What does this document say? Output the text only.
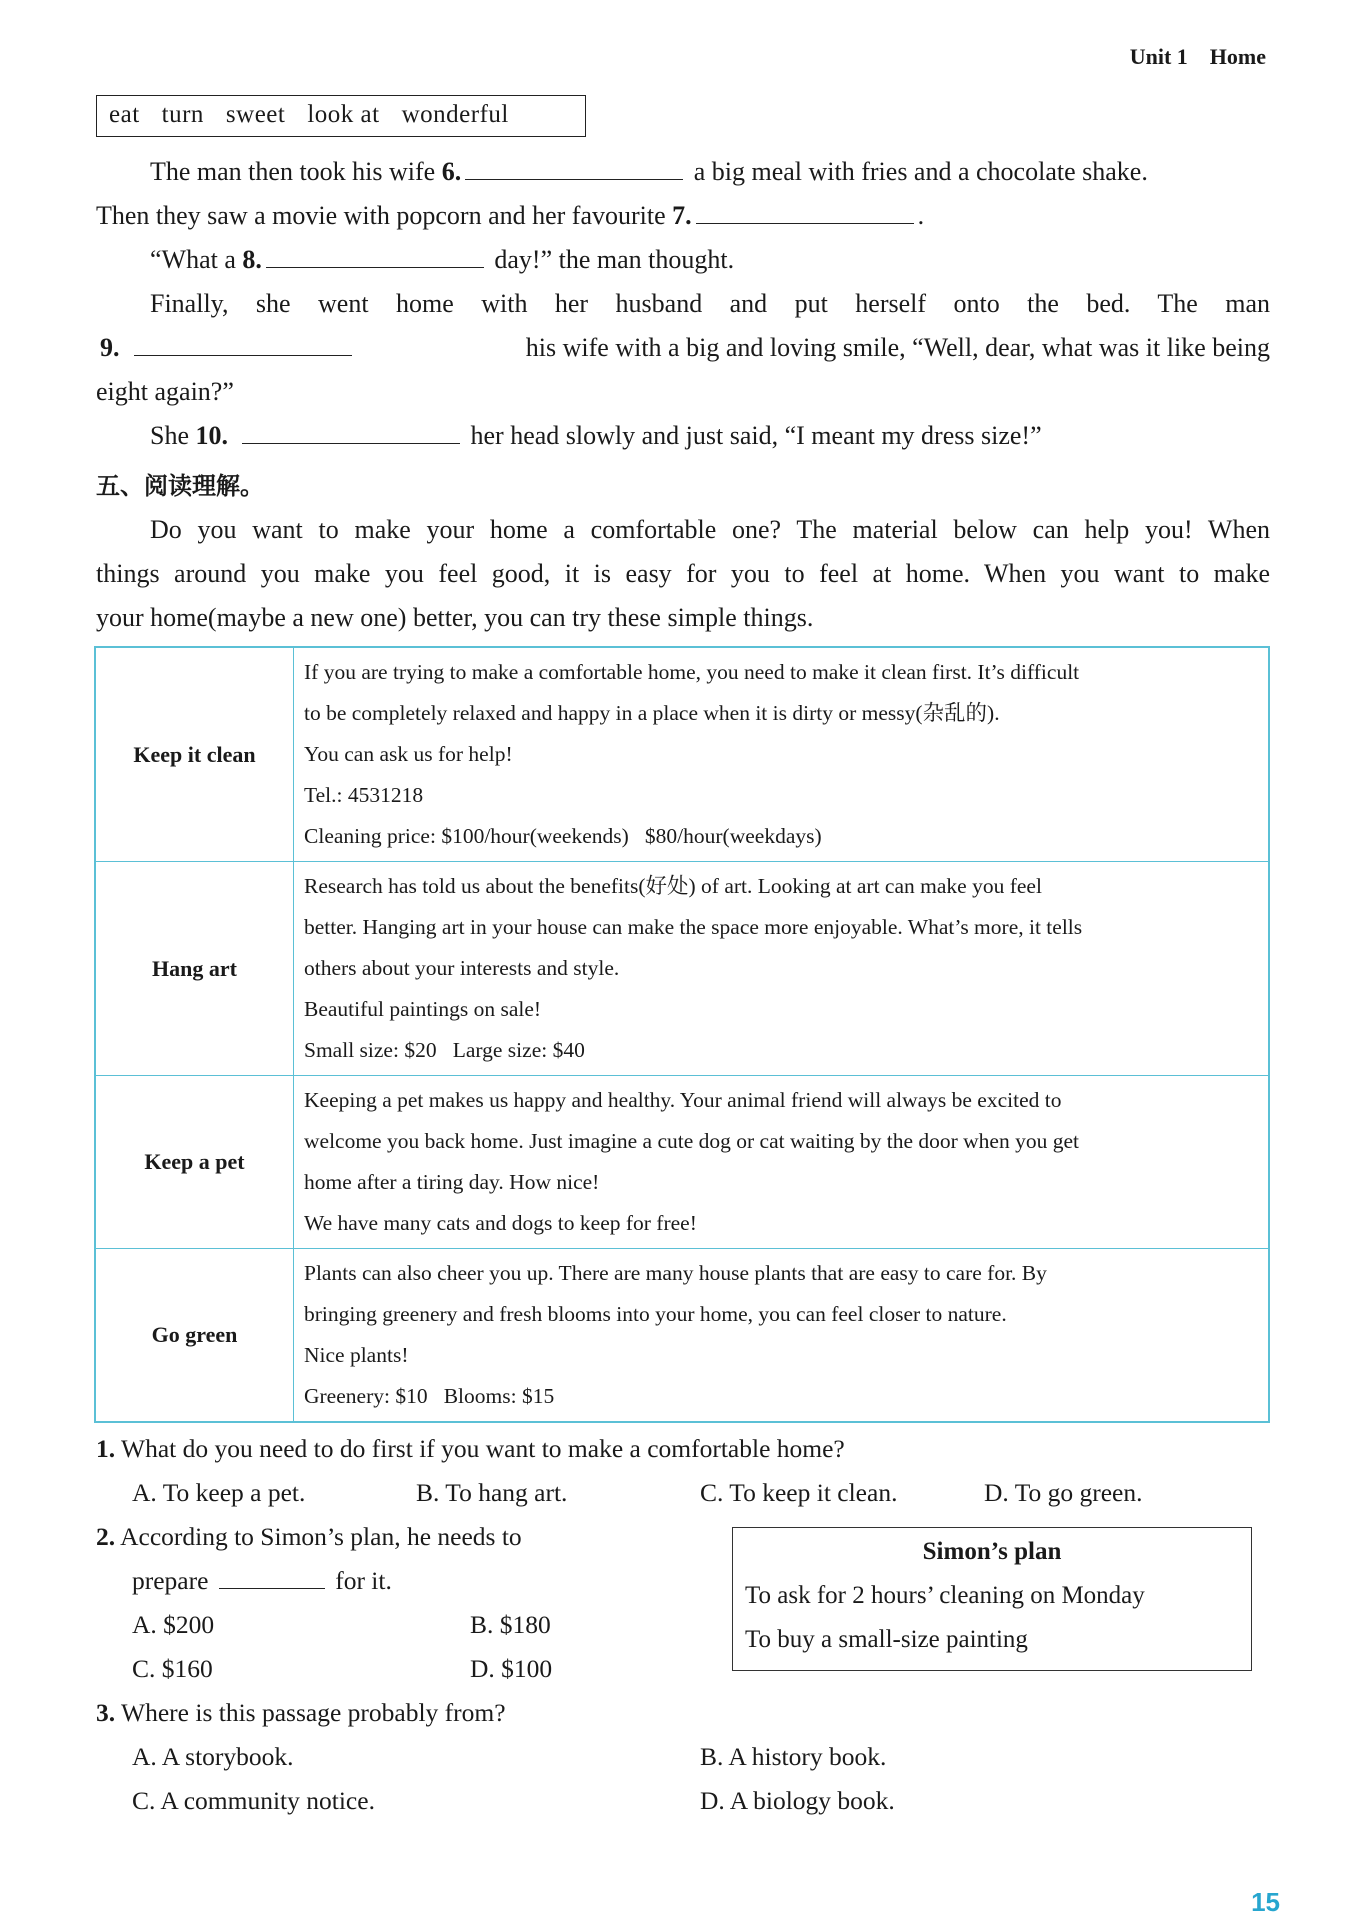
Unit 1 Home
eat turn sweet look at wonderful
The man then took his wife 6.	a big meal with fries and a chocolate shake.
Then they saw a movie with popcorn and her favourite 7.	.
“What a 8.	day!” the man thought.
Finally, she went home with her husband and put herself onto the bed. The man
9.	his wife with a big and loving smile, “Well, dear, what was it like being
eight again?”
She 10.	her head slowly and just said, “I meant my dress size!”
五、阅读理解。
Do you want to make your home a comfortable one? The material below can help you! When
things around you make you feel good, it is easy for you to feel at home. When you want to make
your home(maybe a new one) better, you can try these simple things.
Keep it clean	If you are trying to make a comfortable home, you need to make it clean first. It’s difficult

to be completely relaxed and happy in a place when it is dirty or messy(杂乱的).

You can ask us for help!

Tel.: 4531218

Cleaning price: $100/hour(weekends)   $80/hour(weekdays)

Hang art	Research has told us about the benefits(好处) of art. Looking at art can make you feel

better. Hanging art in your house can make the space more enjoyable. What’s more, it tells

others about your interests and style.

Beautiful paintings on sale!

Small size: $20   Large size: $40

Keep a pet	Keeping a pet makes us happy and healthy. Your animal friend will always be excited to

welcome you back home. Just imagine a cute dog or cat waiting by the door when you get

home after a tiring day. How nice!

We have many cats and dogs to keep for free!

Go green	Plants can also cheer you up. There are many house plants that are easy to care for. By

bringing greenery and fresh blooms into your home, you can feel closer to nature.

Nice plants!

Greenery: $10   Blooms: $15

1. What do you need to do first if you want to make a comfortable home?
A. To keep a pet.	B. To hang art.	C. To keep it clean.	D. To go green.
2. According to Simon’s plan, he needs to
prepare	for it.
A. $200	B. $180
C. $160	D. $100
Simon’s plan
To ask for 2 hours’ cleaning on Monday
To buy a small-size painting
3. Where is this passage probably from?
A. A storybook.	B. A history book.
C. A community notice.	D. A biology book.
15
